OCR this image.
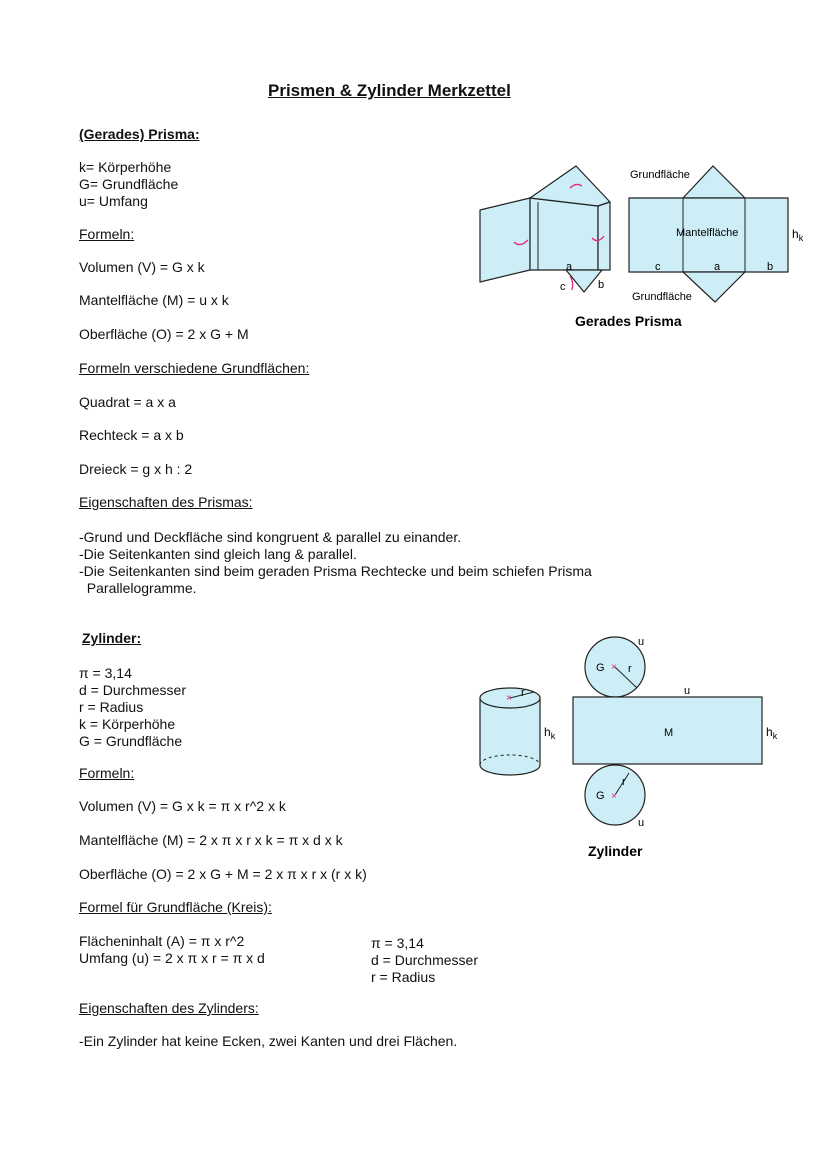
Prismen & Zylinder Merkzettel
(Gerades) Prisma:
k= Körperhöhe
G= Grundfläche
u= Umfang
Formeln:
Volumen (V) = G x k
Mantelfläche (M) = u x k
Oberfläche (O) = 2 x G + M
Formeln verschiedene Grundflächen:
Quadrat = a x a
Rechteck = a x b
Dreieck = g x h : 2
Eigenschaften des Prismas:
-Grund und Deckfläche sind kongruent & parallel zu einander.
-Die Seitenkanten sind gleich lang & parallel.
-Die Seitenkanten sind beim geraden Prisma Rechtecke und beim schiefen Prisma
Parallelogramme.
a
b
c
Grundfläche
Mantelfläche
Grundfläche
c	a	b
$h_k$
Gerades Prisma
Zylinder:
π = 3,14
d = Durchmesser
r = Radius
k = Körperhöhe
G = Grundfläche
Formeln:
Volumen (V) = G x k = π x r^2 x k
Mantelfläche (M) = 2 x π x r x k = π x d x k
Oberfläche (O) = 2 x G + M = 2 x π x r x (r x k)
Formel für Grundfläche (Kreis):
Flächeninhalt (A) = π x r^2
Umfang (u) = 2 x π x r = π x d
π = 3,14
d = Durchmesser
r = Radius
Eigenschaften des Zylinders:
-Ein Zylinder hat keine Ecken, zwei Kanten und drei Flächen.
× r
$h_k$
×
×
u
G r
u
M	$h_k$
r
G
u
Zylinder
